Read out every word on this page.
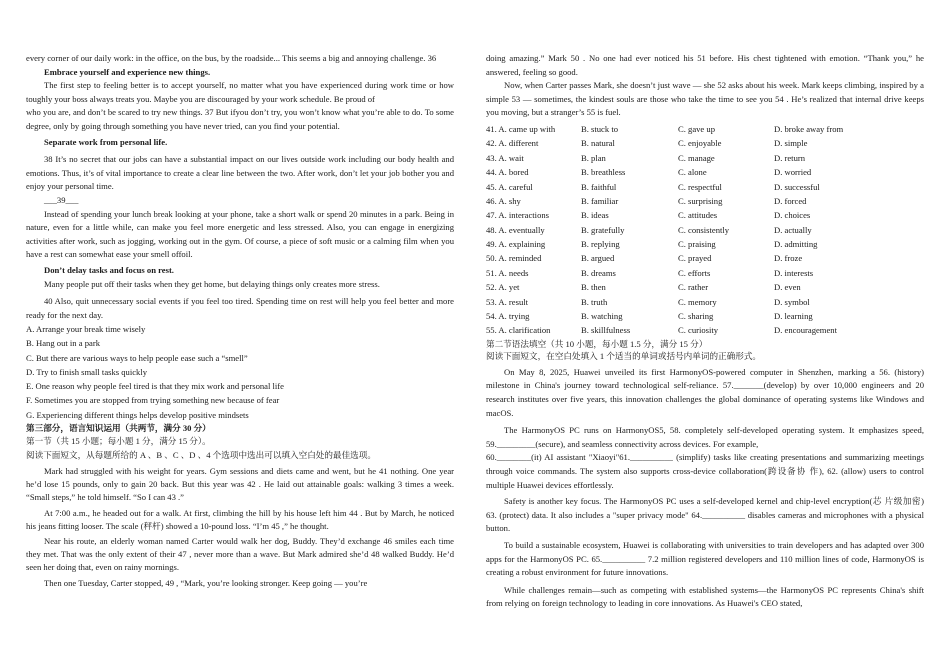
every corner of our daily work: in the office, on the bus, by the roadside... This seems a big and annoying challenge. 36

Embrace yourself and experience new things.

The first step to feeling better is to accept yourself, no matter what you have experienced during work time or how toughly your boss always treats you. Maybe you are discouraged by your work schedule. Be proud of

who you are, and don’t be scared to try new things. 37 But ifyou don’t try, you won’t know what you’re able to do. To some degree, only by going through something you have never tried, can you find your potential.

Separate work from personal life.

38 It’s no secret that our jobs can have a substantial impact on our lives outside work including our body health and emotions. Thus, it’s of vital importance to create a clear line between the two. After work, don’t let your job bother you and enjoy your personal time.

___39___

Instead of spending your lunch break looking at your phone, take a short walk or spend 20 minutes in a park. Being in nature, even for a little while, can make you feel more energetic and less stressed. Also, you can engage in energizing activities after work, such as jogging, working out in the gym. Of course, a piece of soft music or a calming film when you have a rest can somewhat ease your smell offoil.

Don’t delay tasks and focus on rest.

Many people put off their tasks when they get home, but delaying things only creates more stress.

40 Also, quit unnecessary social events if you feel too tired. Spending time on rest will help you feel better and more ready for the next day.

A. Arrange your break time wisely

B. Hang out in a park

C. But there are various ways to help people ease such a “smell”

D. Try to finish small tasks quickly

E. One reason why people feel tired is that they mix work and personal life

F. Sometimes you are stopped from trying something new because of fear

G. Experiencing different things helps develop positive mindsets

第三部分，语言知识运用（共两节，满分 30 分）

第一节（共 15 小题；每小题 1 分，满分 15 分）。

阅读下面短文，从每题所给的 A 、B 、C 、D 、4 个选项中选出可以填入空白处的最佳选项。

Mark had struggled with his weight for years. Gym sessions and diets came and went, but he 41 nothing. One year he’d lose 15 pounds, only to gain 20 back. But this year was 42 . He laid out attainable goals: walking 3 times a week. “Small steps,” he told himself. “So I can 43 .”

At 7:00 a.m., he headed out for a walk. At first, climbing the hill by his house left him 44 . But by March, he noticed his jeans fitting looser. The scale (秤杆) showed a 10-pound loss. “I’m 45 ,” he thought.

Near his route, an elderly woman named Carter would walk her dog, Buddy. They’d exchange 46 smiles each time they met. That was the only extent of their 47 , never more than a wave. But Mark admired she’d 48 walked Buddy. He’d seen her doing that, even on rainy mornings.

Then one Tuesday, Carter stopped, 49 , “Mark, you’re looking stronger. Keep going — you’re

doing amazing.” Mark 50 . No one had ever noticed his 51 before. His chest tightened with emotion. “Thank you,” he answered, feeling so good.

Now, when Carter passes Mark, she doesn’t just wave — she 52 asks about his week. Mark keeps climbing, inspired by a simple 53 — sometimes, the kindest souls are those who take the time to see you 54 . He’s realized that internal drive keeps you moving, but a stranger’s 55 is fuel.

41. A. came up with	B. stuck to	C. gave up	D. broke away from
42. A. different	B. natural	C. enjoyable	D. simple
43. A. wait	B. plan	C. manage	D. return
44. A. bored	B. breathless	C. alone	D. worried
45. A. careful	B. faithful	C. respectful	D. successful
46. A. shy	B. familiar	C. surprising	D. forced
47. A. interactions	B. ideas	C. attitudes	D. choices
48. A. eventually	B. gratefully	C. consistently	D. actually
49. A. explaining	B. replying	C. praising	D. admitting
50. A. reminded	B. argued	C. prayed	D. froze
51. A. needs	B. dreams	C. efforts	D. interests
52. A. yet	B. then	C. rather	D. even
53. A. result	B. truth	C. memory	D. symbol
54. A. trying	B. watching	C. sharing	D. learning
55. A. clarification	B. skillfulness	C. curiosity	D. encouragement

第二节语法填空（共 10 小题，每小题 1.5 分，满分 15 分）

阅读下面短文，在空白处填入 1 个适当的单词或括号内单词的正确形式。

On May 8, 2025, Huawei unveiled its first HarmonyOS-powered computer in Shenzhen, marking a 56. (history) milestone in China's journey toward technological self-reliance. 57._______(develop) by over 10,000 engineers and 20 research institutes over five years, this innovation challenges the global dominance of operating systems like Windows and macOS.

The HarmonyOS PC runs on HarmonyOS5, 58. completely self-developed operating system. It emphasizes speed, 59._________(secure), and seamless connectivity across devices. For example,

60.________(it) AI assistant "Xiaoyi"61.__________ (simplify) tasks like creating presentations and summarizing meetings through voice commands. The system also supports cross-device collaboration(跨设备协 作), 62. (allow) users to control multiple Huawei devices effortlessly.

Safety is another key focus. The HarmonyOS PC uses a self-developed kernel and chip-level encryption(芯 片级加密) 63. (protect) data. It also includes a "super privacy mode" 64.__________ disables cameras and microphones with a physical button.

To build a sustainable ecosystem, Huawei is collaborating with universities to train developers and has adapted over 300 apps for the HarmonyOS PC. 65.__________ 7.2 million registered developers and 110 million lines of code, HarmonyOS is creating a robust environment for future innovations.

While challenges remain—such as competing with established systems—the HarmonyOS PC represents China's shift from relying on foreign technology to leading in core innovations. As Huawei's CEO stated,
